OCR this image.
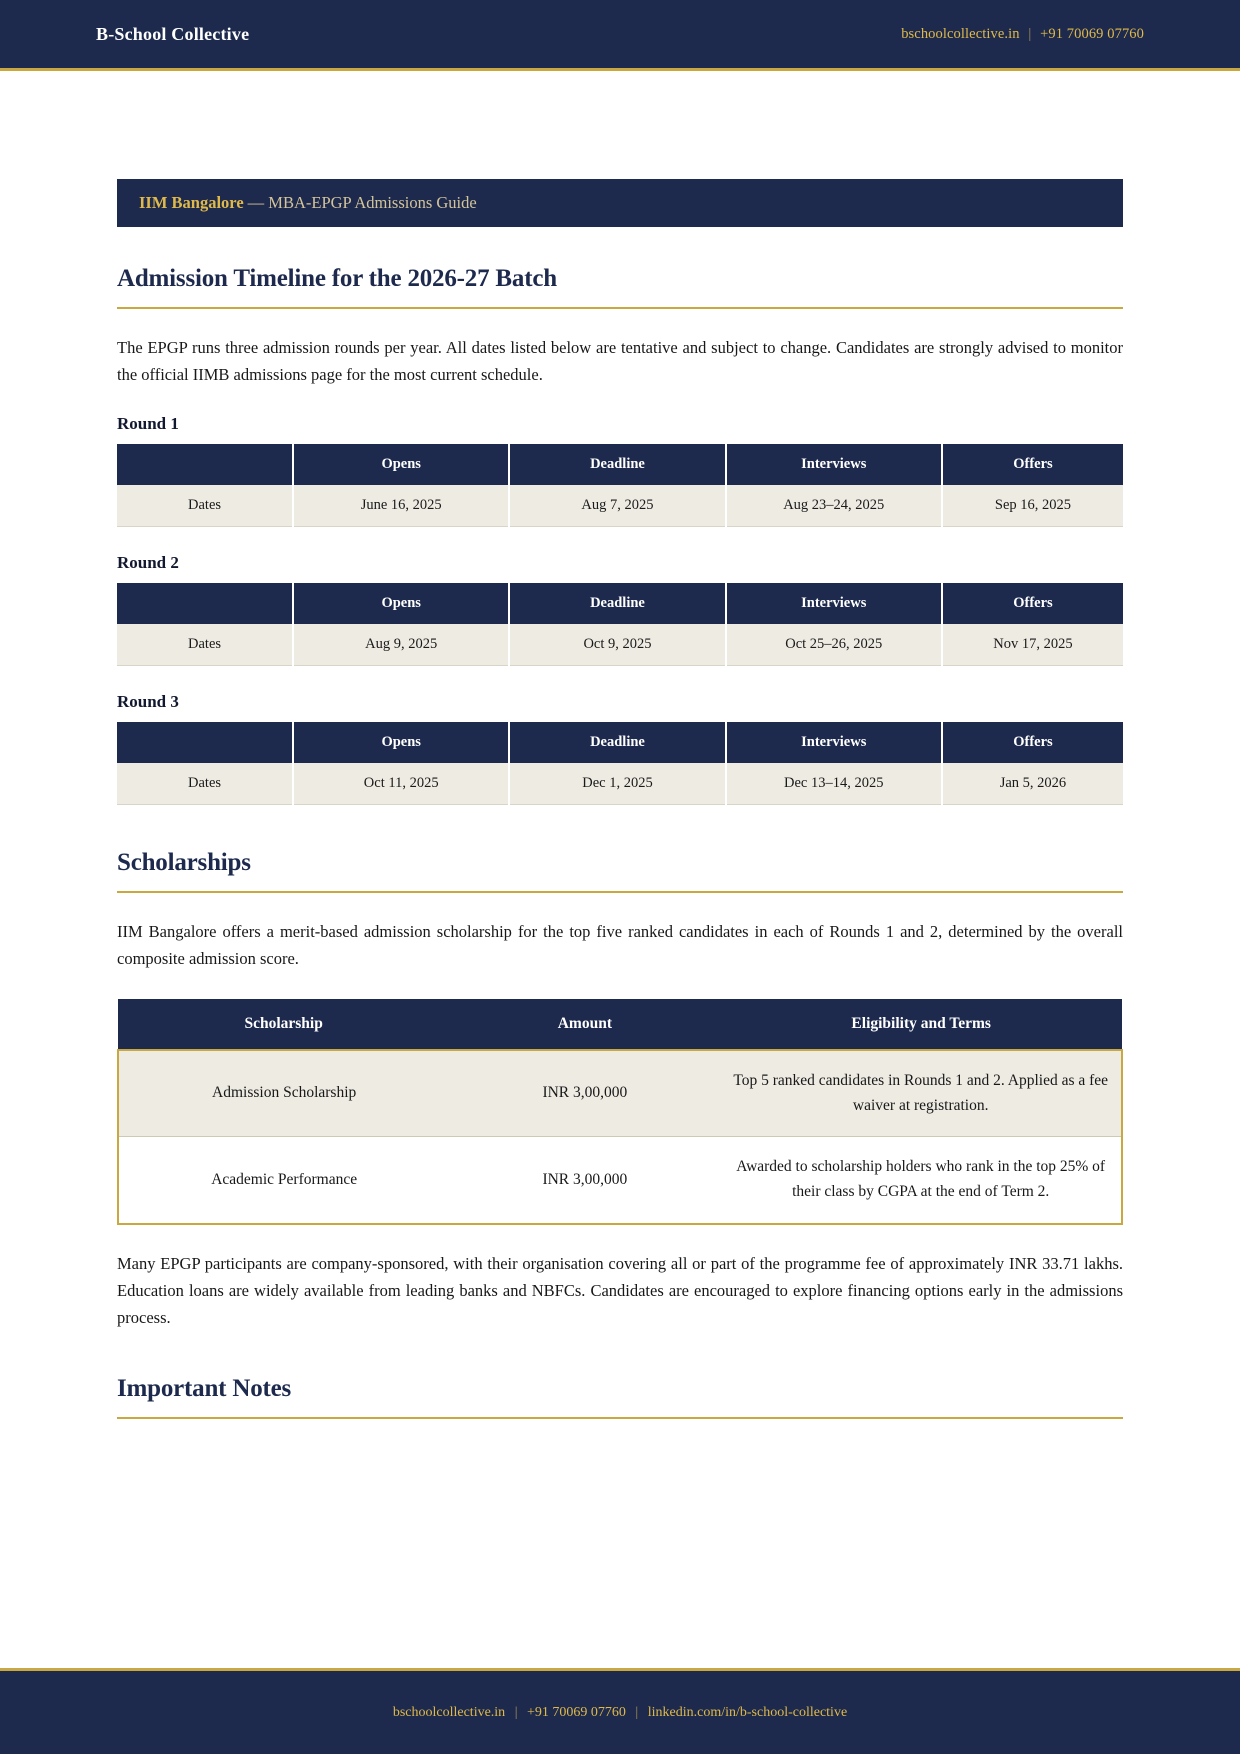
B-School Collective	bschoolcollective.in | +91 70069 07760
IIM Bangalore — MBA-EPGP Admissions Guide
Admission Timeline for the 2026-27 Batch

The EPGP runs three admission rounds per year. All dates listed below are tentative and subject to change. Candidates are strongly advised to monitor the official IIMB admissions page for the most current schedule.

Round 1
	Opens	Deadline	Interviews	Offers
Dates	June 16, 2025	Aug 7, 2025	Aug 23–24, 2025	Sep 16, 2025
Round 2
	Opens	Deadline	Interviews	Offers
Dates	Aug 9, 2025	Oct 9, 2025	Oct 25–26, 2025	Nov 17, 2025
Round 3
	Opens	Deadline	Interviews	Offers
Dates	Oct 11, 2025	Dec 1, 2025	Dec 13–14, 2025	Jan 5, 2026
Scholarships

IIM Bangalore offers a merit-based admission scholarship for the top five ranked candidates in each of Rounds 1 and 2, determined by the overall composite admission score.

Scholarship	Amount	Eligibility and Terms
Admission Scholarship	INR 3,00,000	Top 5 ranked candidates in Rounds 1 and 2. Applied as a fee waiver at registration.
Academic Performance	INR 3,00,000	Awarded to scholarship holders who rank in the top 25% of their class by CGPA at the end of Term 2.

Many EPGP participants are company-sponsored, with their organisation covering all or part of the programme fee of approximately INR 33.71 lakhs. Education loans are widely available from leading banks and NBFCs. Candidates are encouraged to explore financing options early in the admissions process.

Important Notes
bschoolcollective.in | +91 70069 07760 | linkedin.com/in/b-school-collective
